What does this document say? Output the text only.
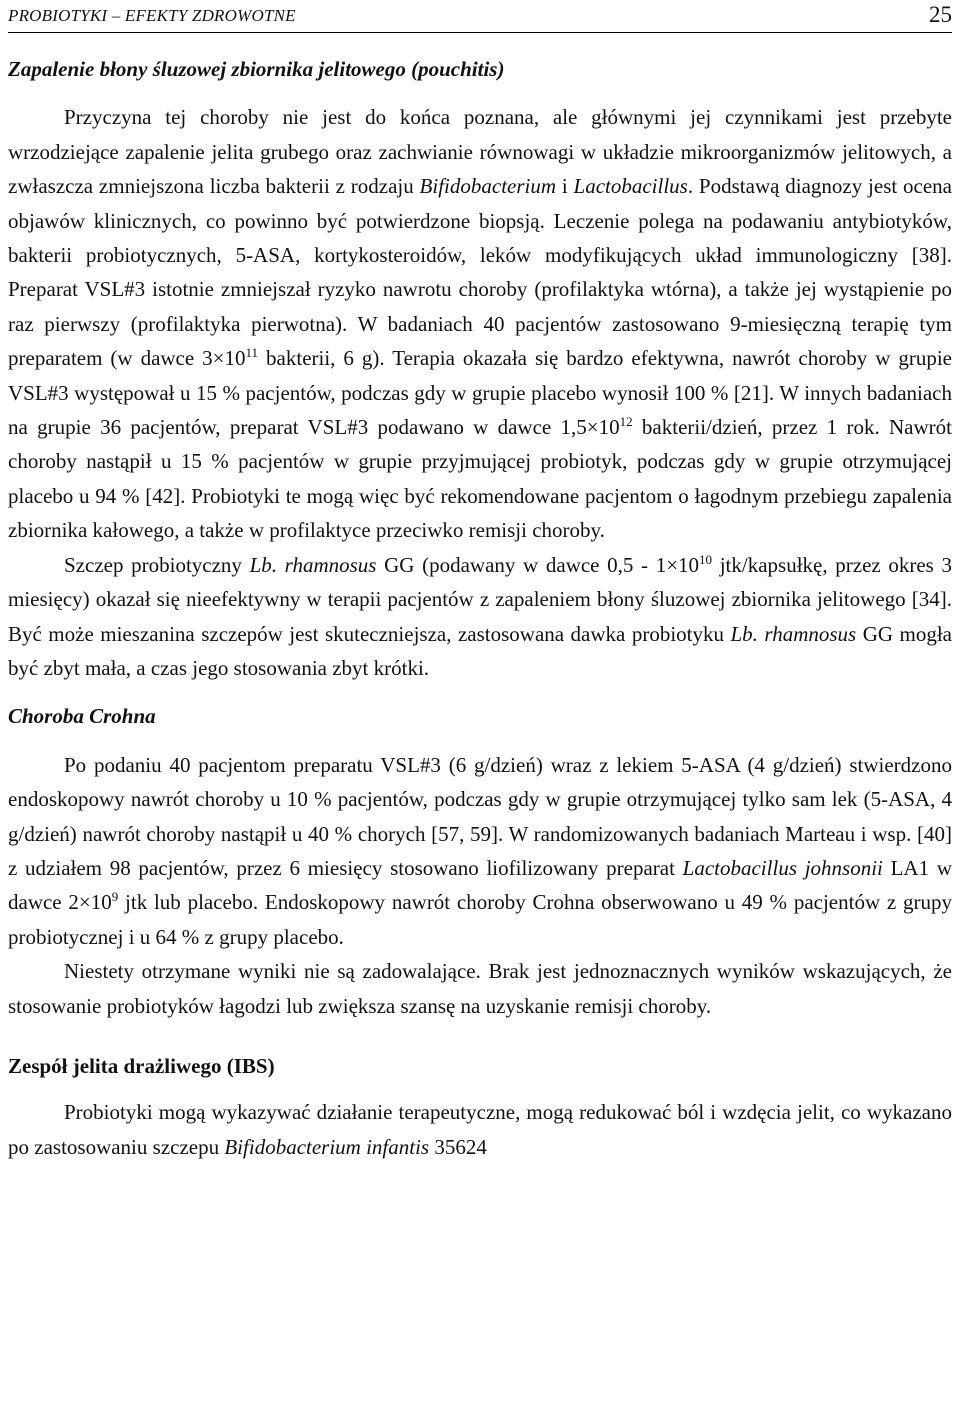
PROBIOTYKI – EFEKTY ZDROWOTNE	25
Zapalenie błony śluzowej zbiornika jelitowego (pouchitis)

Przyczyna tej choroby nie jest do końca poznana, ale głównymi jej czynnikami jest przebyte wrzodziejące zapalenie jelita grubego oraz zachwianie równowagi w układzie mikroorganizmów jelitowych, a zwłaszcza zmniejszona liczba bakterii z rodzaju Bifidobacterium i Lactobacillus. Podstawą diagnozy jest ocena objawów klinicznych, co powinno być potwierdzone biopsją. Leczenie polega na podawaniu antybiotyków, bakterii probiotycznych, 5-ASA, kortykosteroidów, leków modyfikujących układ immunologiczny [38]. Preparat VSL#3 istotnie zmniejszał ryzyko nawrotu choroby (profilaktyka wtórna), a także jej wystąpienie po raz pierwszy (profilaktyka pierwotna). W badaniach 40 pacjentów zastosowano 9-miesięczną terapię tym preparatem (w dawce $3\times 10^{11}$ bakterii, 6 g). Terapia okazała się bardzo efektywna, nawrót choroby w grupie VSL#3 występował u 15 % pacjentów, podczas gdy w grupie placebo wynosił 100 % [21]. W innych badaniach na grupie 36 pacjentów, preparat VSL#3 podawano w dawce $1,5\times 10^{12}$ bakterii/dzień, przez 1 rok. Nawrót choroby nastąpił u 15 % pacjentów w grupie przyjmującej probiotyk, podczas gdy w grupie otrzymującej placebo u 94 % [42]. Probiotyki te mogą więc być rekomendowane pacjentom o łagodnym przebiegu zapalenia zbiornika kałowego, a także w profilaktyce przeciwko remisji choroby.

Szczep probiotyczny Lb. rhamnosus GG (podawany w dawce $0,5 - 1\times 10^{10}$ jtk/kapsułkę, przez okres 3 miesięcy) okazał się nieefektywny w terapii pacjentów z zapaleniem błony śluzowej zbiornika jelitowego [34]. Być może mieszanina szczepów jest skuteczniejsza, zastosowana dawka probiotyku Lb. rhamnosus GG mogła być zbyt mała, a czas jego stosowania zbyt krótki.

Choroba Crohna

Po podaniu 40 pacjentom preparatu VSL#3 (6 g/dzień) wraz z lekiem 5-ASA (4 g/dzień) stwierdzono endoskopowy nawrót choroby u 10 % pacjentów, podczas gdy w grupie otrzymującej tylko sam lek (5-ASA, 4 g/dzień) nawrót choroby nastąpił u 40 % chorych [57, 59]. W randomizowanych badaniach Marteau i wsp. [40] z udziałem 98 pacjentów, przez 6 miesięcy stosowano liofilizowany preparat Lactobacillus johnsonii LA1 w dawce $2\times 10^9$ jtk lub placebo. Endoskopowy nawrót choroby Crohna obserwowano u 49 % pacjentów z grupy probiotycznej i u 64 % z grupy placebo.

Niestety otrzymane wyniki nie są zadowalające. Brak jest jednoznacznych wyników wskazujących, że stosowanie probiotyków łagodzi lub zwiększa szansę na uzyskanie remisji choroby.

Zespół jelita drażliwego (IBS)

Probiotyki mogą wykazywać działanie terapeutyczne, mogą redukować ból i wzdęcia jelit, co wykazano po zastosowaniu szczepu Bifidobacterium infantis 35624
